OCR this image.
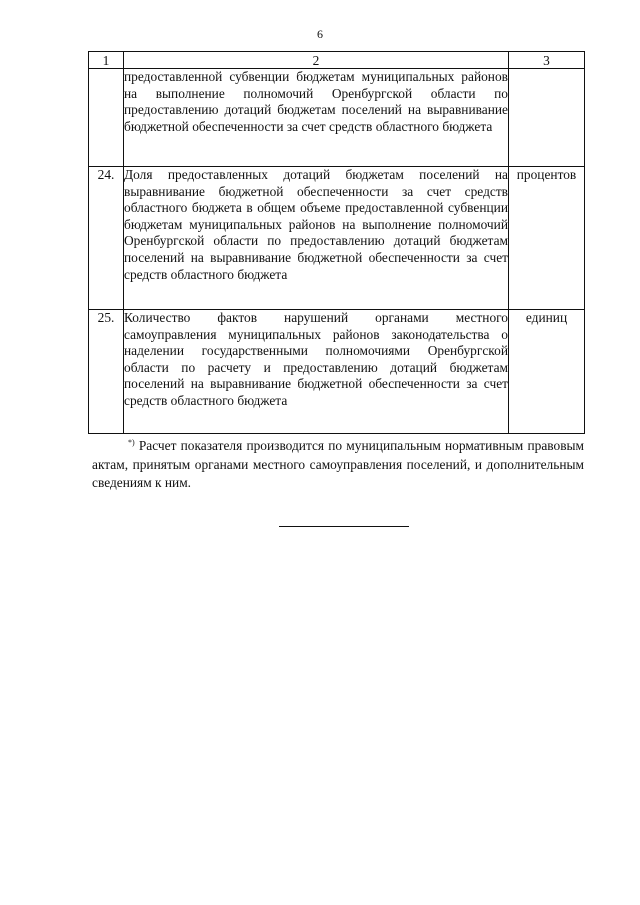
6
1	2	3
	предоставленной субвенции бюджетам муниципальных районов на выполнение полномочий Оренбургской области по предоставлению дотаций бюджетам поселений на выравнивание бюджетной обеспеченности за счет средств областного бюджета	
24.	Доля предоставленных дотаций бюджетам поселений на выравнивание бюджетной обеспеченности за счет средств областного бюджета в общем объеме предоставленной субвенции бюджетам муниципальных районов на выполнение полномочий Оренбургской области по предоставлению дотаций бюджетам поселений на выравнивание бюджетной обеспеченности за счет средств областного бюджета	процентов
25.	Количество фактов нарушений органами местного самоуправления муниципальных районов законодательства о наделении государственными полномочиями Оренбургской области по расчету и предоставлению дотаций бюджетам поселений на выравнивание бюджетной обеспеченности за счет средств областного бюджета	единиц
*) Расчет показателя производится по муниципальным нормативным правовым актам, принятым органами местного самоуправления поселений, и дополнительным сведениям к ним.
